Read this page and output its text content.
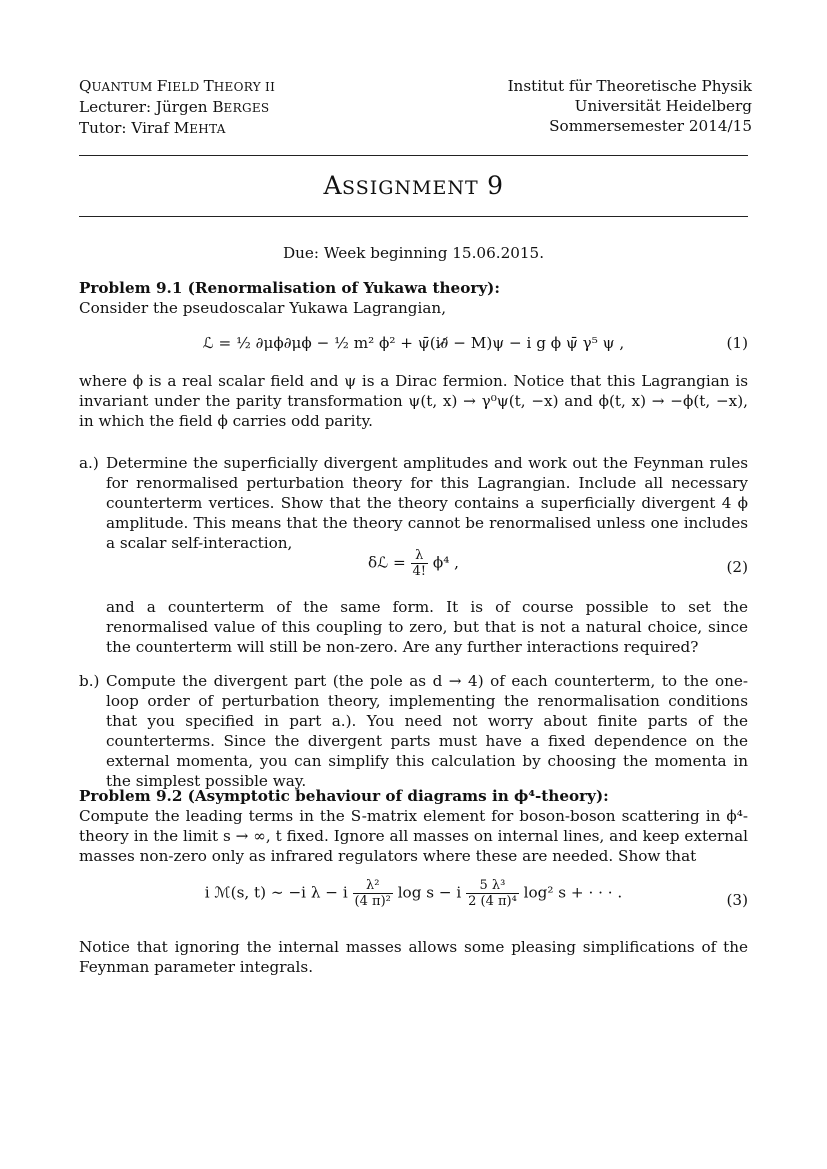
QUANTUM FIELD THEORY II
Lecturer: Jürgen BERGES
Tutor: Viraf MEHTA
Institut für Theoretische Physik
Universität Heidelberg
Sommersemester 2014/15
ASSIGNMENT 9
Due: Week beginning 15.06.2015.
Problem 9.1 (Renormalisation of Yukawa theory):
Consider the pseudoscalar Yukawa Lagrangian,
ℒ = ½ ∂μϕ∂μϕ − ½ m² ϕ² + ψ̄(i∂̸ − M)ψ − i g ϕ ψ̄ γ⁵ ψ ,	(1)
where ϕ is a real scalar field and ψ is a Dirac fermion. Notice that this Lagrangian is invariant under the parity transformation ψ(t, x) → γ⁰ψ(t, −x) and ϕ(t, x) → −ϕ(t, −x), in which the field ϕ carries odd parity.
a.) Determine the superficially divergent amplitudes and work out the Feynman rules for renormalised perturbation theory for this Lagrangian. Include all necessary counterterm vertices. Show that the theory contains a superficially divergent 4 ϕ amplitude. This means that the theory cannot be renormalised unless one includes a scalar self-interaction,
δℒ = $\frac{\lambda}{4!} \phi^4$ ,	(2)
and a counterterm of the same form. It is of course possible to set the renormalised value of this coupling to zero, but that is not a natural choice, since the counterterm will still be non-zero. Are any further interactions required?
b.) Compute the divergent part (the pole as d → 4) of each counterterm, to the one-loop order of perturbation theory, implementing the renormalisation conditions that you specified in part a.). You need not worry about finite parts of the counterterms. Since the divergent parts must have a fixed dependence on the external momenta, you can simplify this calculation by choosing the momenta in the simplest possible way.
Problem 9.2 (Asymptotic behaviour of diagrams in ϕ⁴-theory):
Compute the leading terms in the S-matrix element for boson-boson scattering in ϕ⁴-theory in the limit s → ∞, t fixed. Ignore all masses on internal lines, and keep external masses non-zero only as infrared regulators where these are needed. Show that
i ℳ(s, t) ∼ −i λ − i $\frac{\text{λ²}}{\text{(4 π)²}}$ log s − i $\frac{\text{5 λ³}}{\text{2 (4 π)⁴}} \log^2$ s + · · · .	(3)
Notice that ignoring the internal masses allows some pleasing simplifications of the Feynman parameter integrals.
